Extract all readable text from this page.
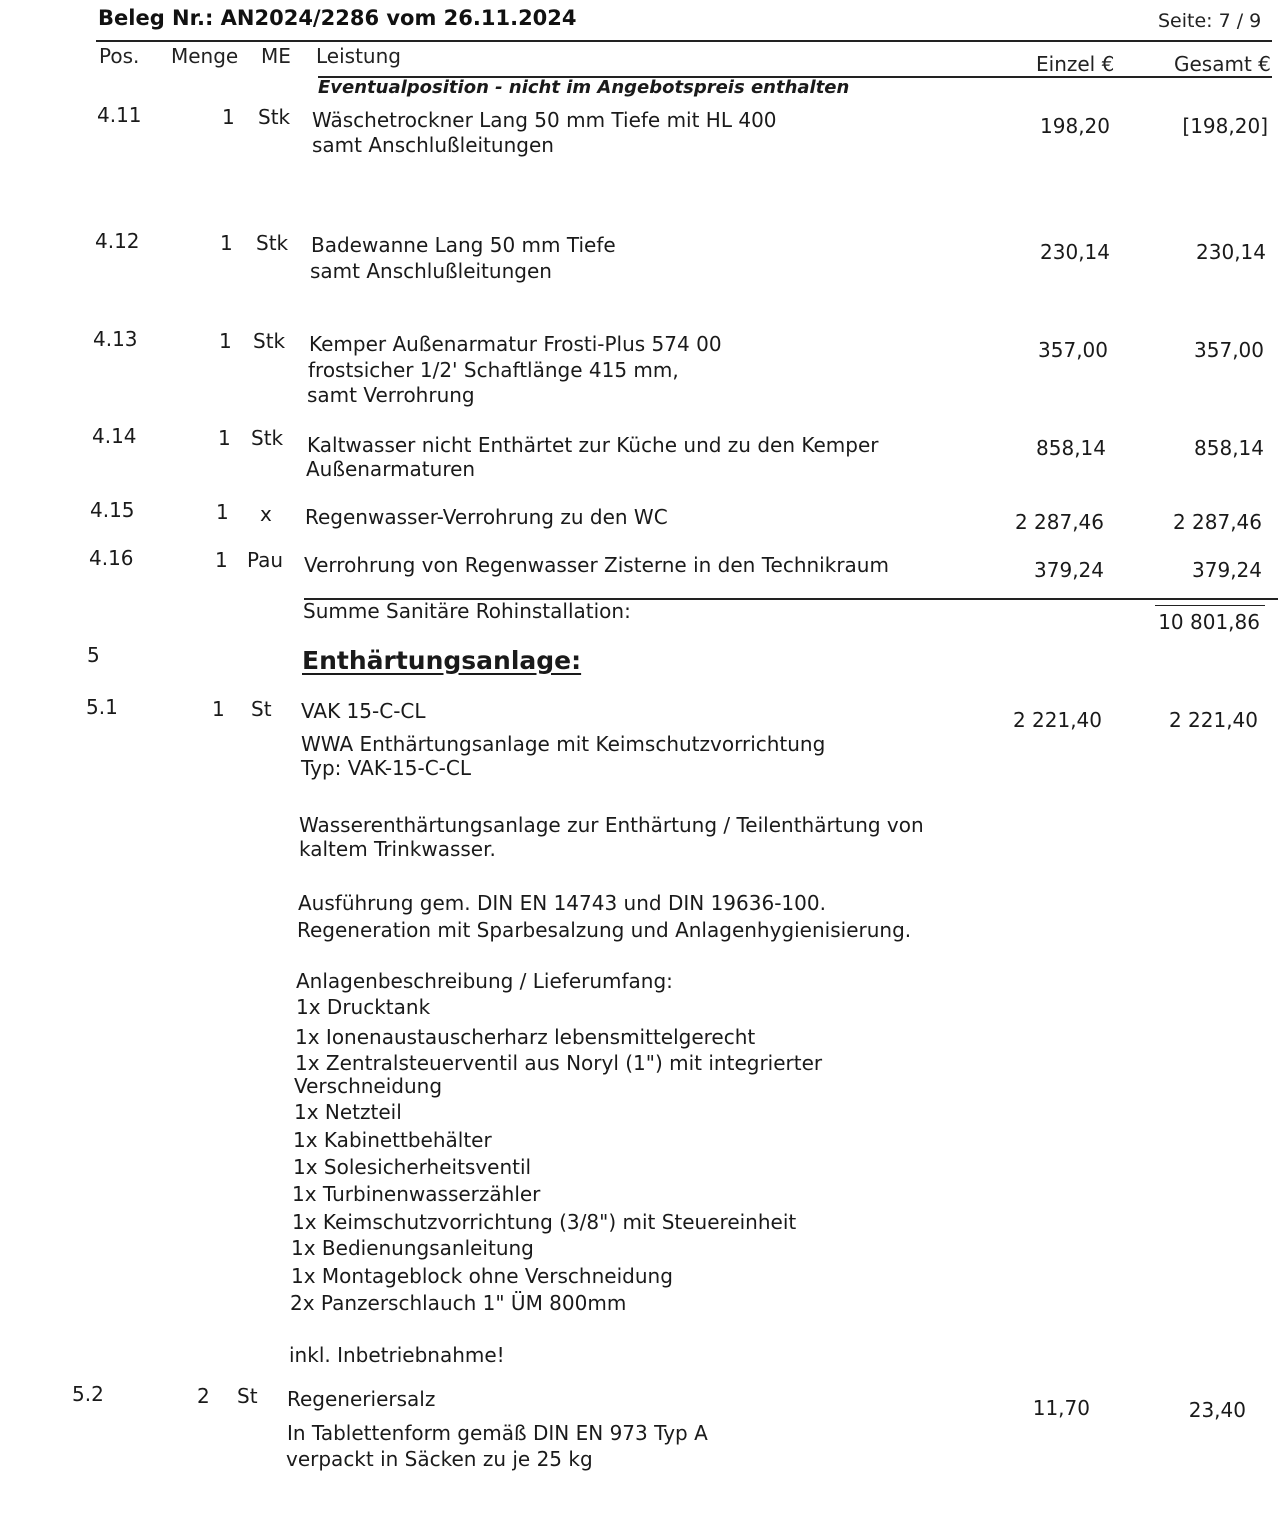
Beleg Nr.: AN2024/2286 vom 26.11.2024	Seite: 7 / 9
Pos. Menge ME Leistung	Einzel €	Gesamt €
Eventualposition - nicht im Angebotspreis enthalten
4.11	1 Stk Wäschetrockner Lang 50 mm Tiefe mit HL 400
samt Anschlußleitungen
198,20	[198,20]
4.12	1 Stk Badewanne Lang 50 mm Tiefe
samt Anschlußleitungen
230,14	230,14
4.13	1 Stk Kemper Außenarmatur Frosti-Plus 574 00
frostsicher 1/2' Schaftlänge 415 mm,
samt Verrohrung
357,00	357,00
4.14	1 Stk Kaltwasser nicht Enthärtet zur Küche und zu den Kemper
Außenarmaturen
858,14	858,14
4.15	1 x Regenwasser-Verrohrung zu den WC	2 287,46	2 287,46
4.16	1 Pau Verrohrung von Regenwasser Zisterne in den Technikraum	379,24	379,24
Summe Sanitäre Rohinstallation:	10 801,86
5	Enthärtungsanlage:
5.1	1 St	2 221,40	2 221,40
VAK 15-C-CL
WWA Enthärtungsanlage mit Keimschutzvorrichtung
Typ: VAK-15-C-CL
Wasserenthärtungsanlage zur Enthärtung / Teilenthärtung von
kaltem Trinkwasser.
Ausführung gem. DIN EN 14743 und DIN 19636-100.
Regeneration mit Sparbesalzung und Anlagenhygienisierung.
Anlagenbeschreibung / Lieferumfang:
1x Drucktank
1x Ionenaustauscherharz lebensmittelgerecht
1x Zentralsteuerventil aus Noryl (1") mit integrierter
Verschneidung
1x Netzteil
1x Kabinettbehälter
1x Solesicherheitsventil
1x Turbinenwasserzähler
1x Keimschutzvorrichtung (3/8") mit Steuereinheit
1x Bedienungsanleitung
1x Montageblock ohne Verschneidung
2x Panzerschlauch 1" ÜM 800mm
inkl. Inbetriebnahme!
5.2	2 St Regeneriersalz
In Tablettenform gemäß DIN EN 973 Typ A
verpackt in Säcken zu je 25 kg
11,70	23,40
